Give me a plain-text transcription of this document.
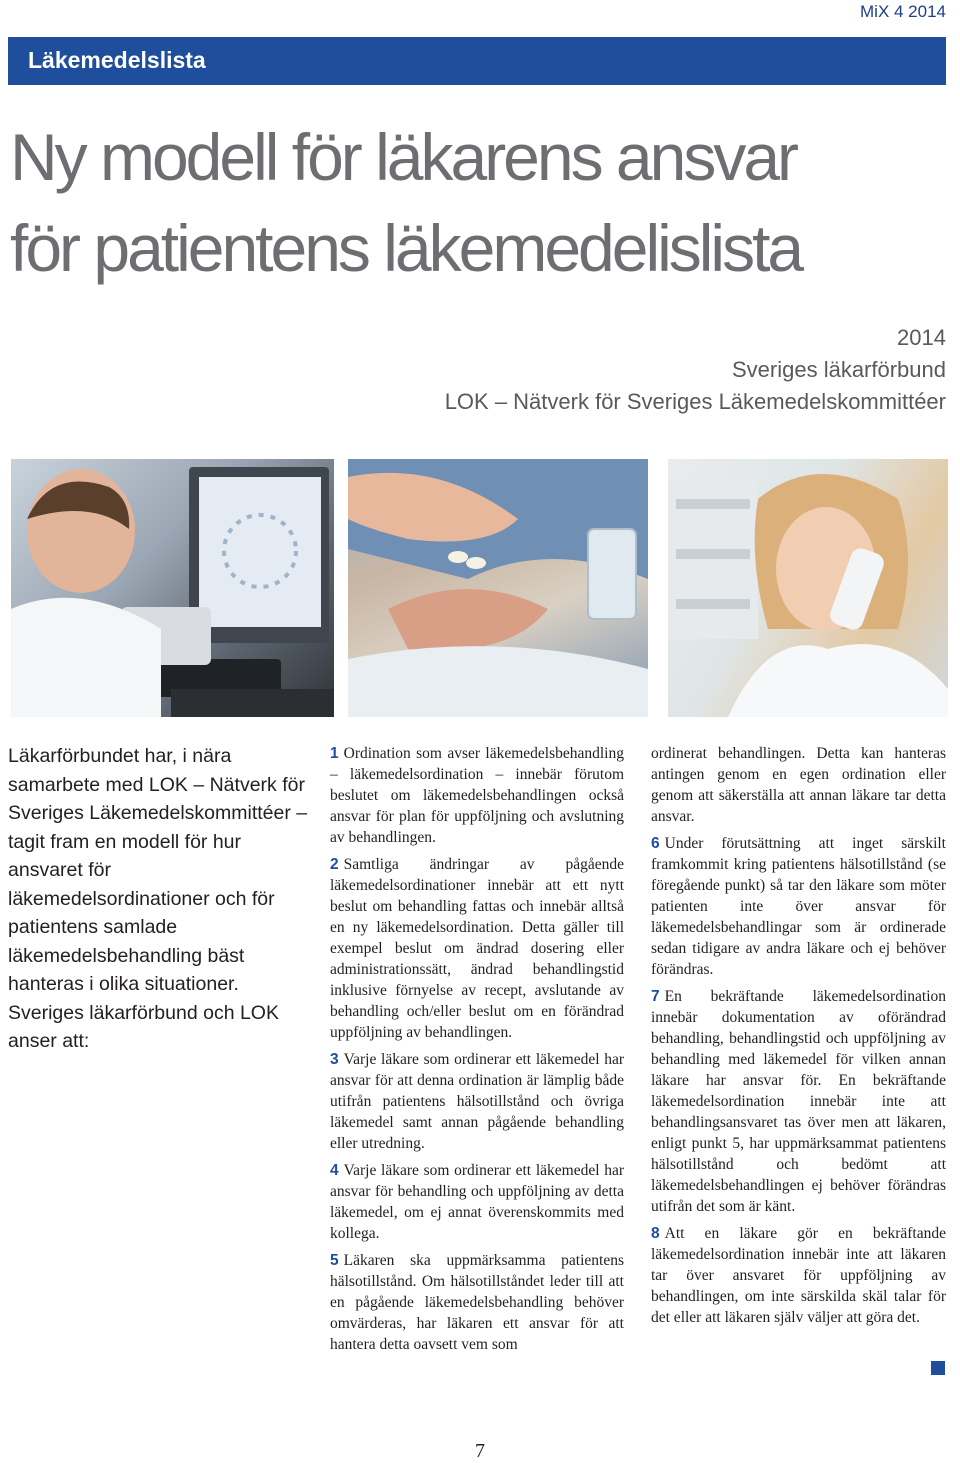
MiX 4 2014
Läkemedelslista
Ny modell för läkarens ansvar
för patientens läkemedelislista
2014
Sveriges läkarförbund
LOK – Nätverk för Sveriges Läkemedelskommittéer

Läkarförbundet har, i nära samarbete med LOK – Nätverk för Sveriges Läkemedelskommittéer – tagit fram en modell för hur ansvaret för läkemedelsordinationer och för patientens samlade läkemedelsbehandling bäst hanteras i olika situationer. Sveriges läkarförbund och LOK anser att:

1 Ordination som avser läkemedelsbehandling – läkemedelsordination – innebär förutom beslutet om läkemedelsbehandlingen också ansvar för plan för uppföljning och avslutning av behandlingen.

2 Samtliga ändringar av pågående läkemedelsordinationer innebär att ett nytt beslut om behandling fattas och innebär alltså en ny läkemedelsordination. Detta gäller till exempel beslut om ändrad dosering eller administrationssätt, ändrad behandlingstid inklusive förnyelse av recept, avslutande av behandling och/eller beslut om en förändrad uppföljning av behandlingen.

3 Varje läkare som ordinerar ett läkemedel har ansvar för att denna ordination är lämplig både utifrån patientens hälsotillstånd och övriga läkemedel samt annan pågående behandling eller utredning.

4 Varje läkare som ordinerar ett läkemedel har ansvar för behandling och uppföljning av detta läkemedel, om ej annat överenskommits med kollega.

5 Läkaren ska uppmärksamma patientens hälsotillstånd. Om hälsotillståndet leder till att en pågående läkemedelsbehandling behöver omvärderas, har läkaren ett ansvar för att hantera detta oavsett vem som

ordinerat behandlingen. Detta kan hanteras antingen genom en egen ordination eller genom att säkerställa att annan läkare tar detta ansvar.

6 Under förutsättning att inget särskilt framkommit kring patientens hälsotillstånd (se föregående punkt) så tar den läkare som möter patienten inte över ansvar för läkemedelsbehandlingar som är ordinerade sedan tidigare av andra läkare och ej behöver förändras.

7 En bekräftande läkemedelsordination innebär dokumentation av oförändrad behandling, behandlingstid och uppföljning av behandling med läkemedel för vilken annan läkare har ansvar för. En bekräftande läkemedelsordination innebär inte att behandlingsansvaret tas över men att läkaren, enligt punkt 5, har uppmärksammat patientens hälsotillstånd och bedömt att läkemedelsbehandlingen ej behöver förändras utifrån det som är känt.

8 Att en läkare gör en bekräftande läkemedelsordination innebär inte att läkaren tar över ansvaret för uppföljning av behandlingen, om inte särskilda skäl talar för det eller att läkaren själv väljer att göra det.

7
